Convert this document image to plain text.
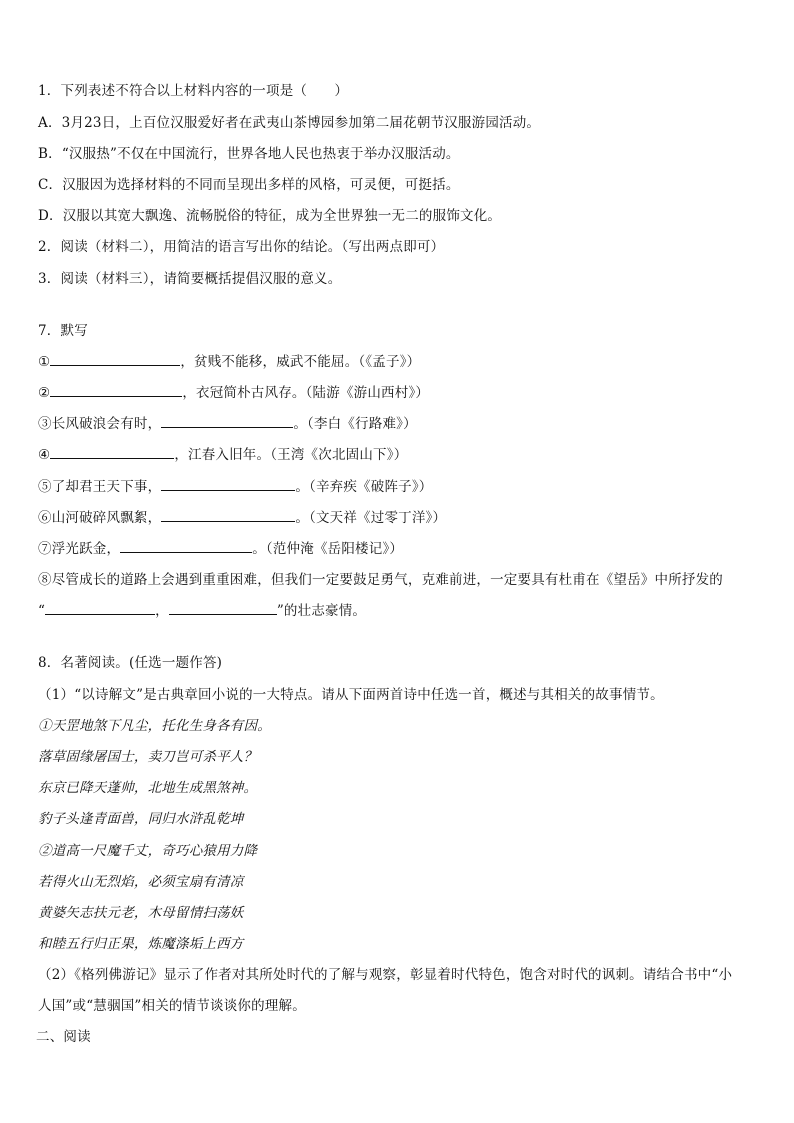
1．下列表述不符合以上材料内容的一项是（　　）
A．3月23日，上百位汉服爱好者在武夷山茶博园参加第二届花朝节汉服游园活动。
B．“汉服热”不仅在中国流行，世界各地人民也热衷于举办汉服活动。
C．汉服因为选择材料的不同而呈现出多样的风格，可灵便，可挺括。
D．汉服以其宽大飘逸、流畅脱俗的特征，成为全世界独一无二的服饰文化。
2．阅读（材料二），用简洁的语言写出你的结论。（写出两点即可）
3．阅读（材料三），请简要概括提倡汉服的意义。
7．默写
①	，贫贱不能移，威武不能屈。（《孟子》）
②	，衣冠简朴古风存。（陆游《游山西村》）
③长风破浪会有时，	。（李白《行路难》）
④	，江春入旧年。（王湾《次北固山下》）
⑤了却君王天下事，	。（辛弃疾《破阵子》）
⑥山河破碎风飘絮，	。（文天祥《过零丁洋》）
⑦浮光跃金，	。（范仲淹《岳阳楼记》）
⑧尽管成长的道路上会遇到重重困难，但我们一定要鼓足勇气，克难前进，一定要具有杜甫在《望岳》中所抒发的
“	，	”的壮志豪情。
8．名著阅读。(任选一题作答)
（1）“以诗解文”是古典章回小说的一大特点。请从下面两首诗中任选一首，概述与其相关的故事情节。
①天罡地煞下凡尘，托化生身各有因。
落草固缘屠国士，卖刀岂可杀平人？
东京已降天蓬帅，北地生成黑煞神。
豹子头逢青面兽，同归水浒乱乾坤
②道高一尺魔千丈，奇巧心猿用力降
若得火山无烈焰，必须宝扇有清凉
黄婆矢志扶元老，木母留情扫荡妖
和睦五行归正果，炼魔涤垢上西方
（2）《格列佛游记》显示了作者对其所处时代的了解与观察，彰显着时代特色，饱含对时代的讽刺。请结合书中“小
人国”或“慧骃国”相关的情节谈谈你的理解。
二、阅读
